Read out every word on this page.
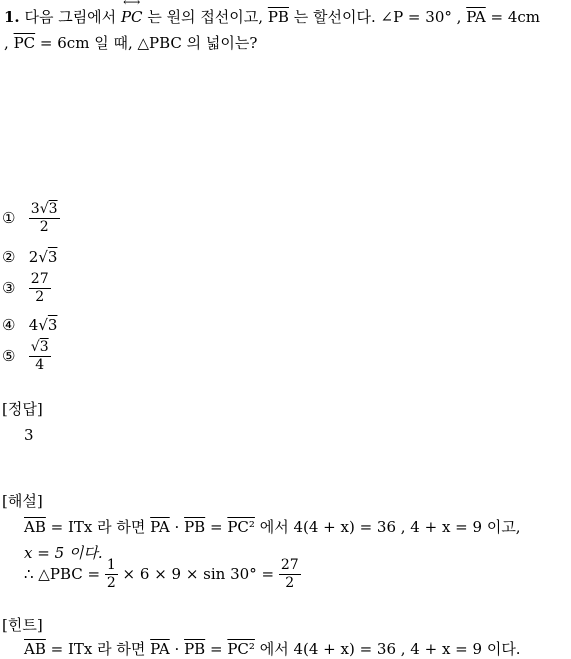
1. 다음 그림에서 ⟷ PC 는 원의 접선이고, $\overline{PB}$ 는 할선이다. ∠P = 30° , $\overline{PA} = 4cm$
, $\overline{PC} = 6cm$ 일 때, △PBC 의 넓이는?
① $\frac{3√3}{2}$
② 2√3
③ $\frac{27}{2}$
④ 4√3
⑤ $\frac{√3}{4}$
[정답]
3
[해설]
$\overline{AB}$ = ITx 라 하면 $\overline{PA} \cdot \overline{PB} = PC^2$ 에서 4(4 + x) = 36 , 4 + x = 9 이고,
x = 5 이다.
∴ △PBC = $\frac{1}{2} \times 6 \times 9 \times \sin 30^\circ = \frac{27}{2}$
[힌트]
$\overline{AB}$ = ITx 라 하면 $\overline{PA} \cdot \overline{PB} = PC^2$ 에서 4(4 + x) = 36 , 4 + x = 9 이다.
